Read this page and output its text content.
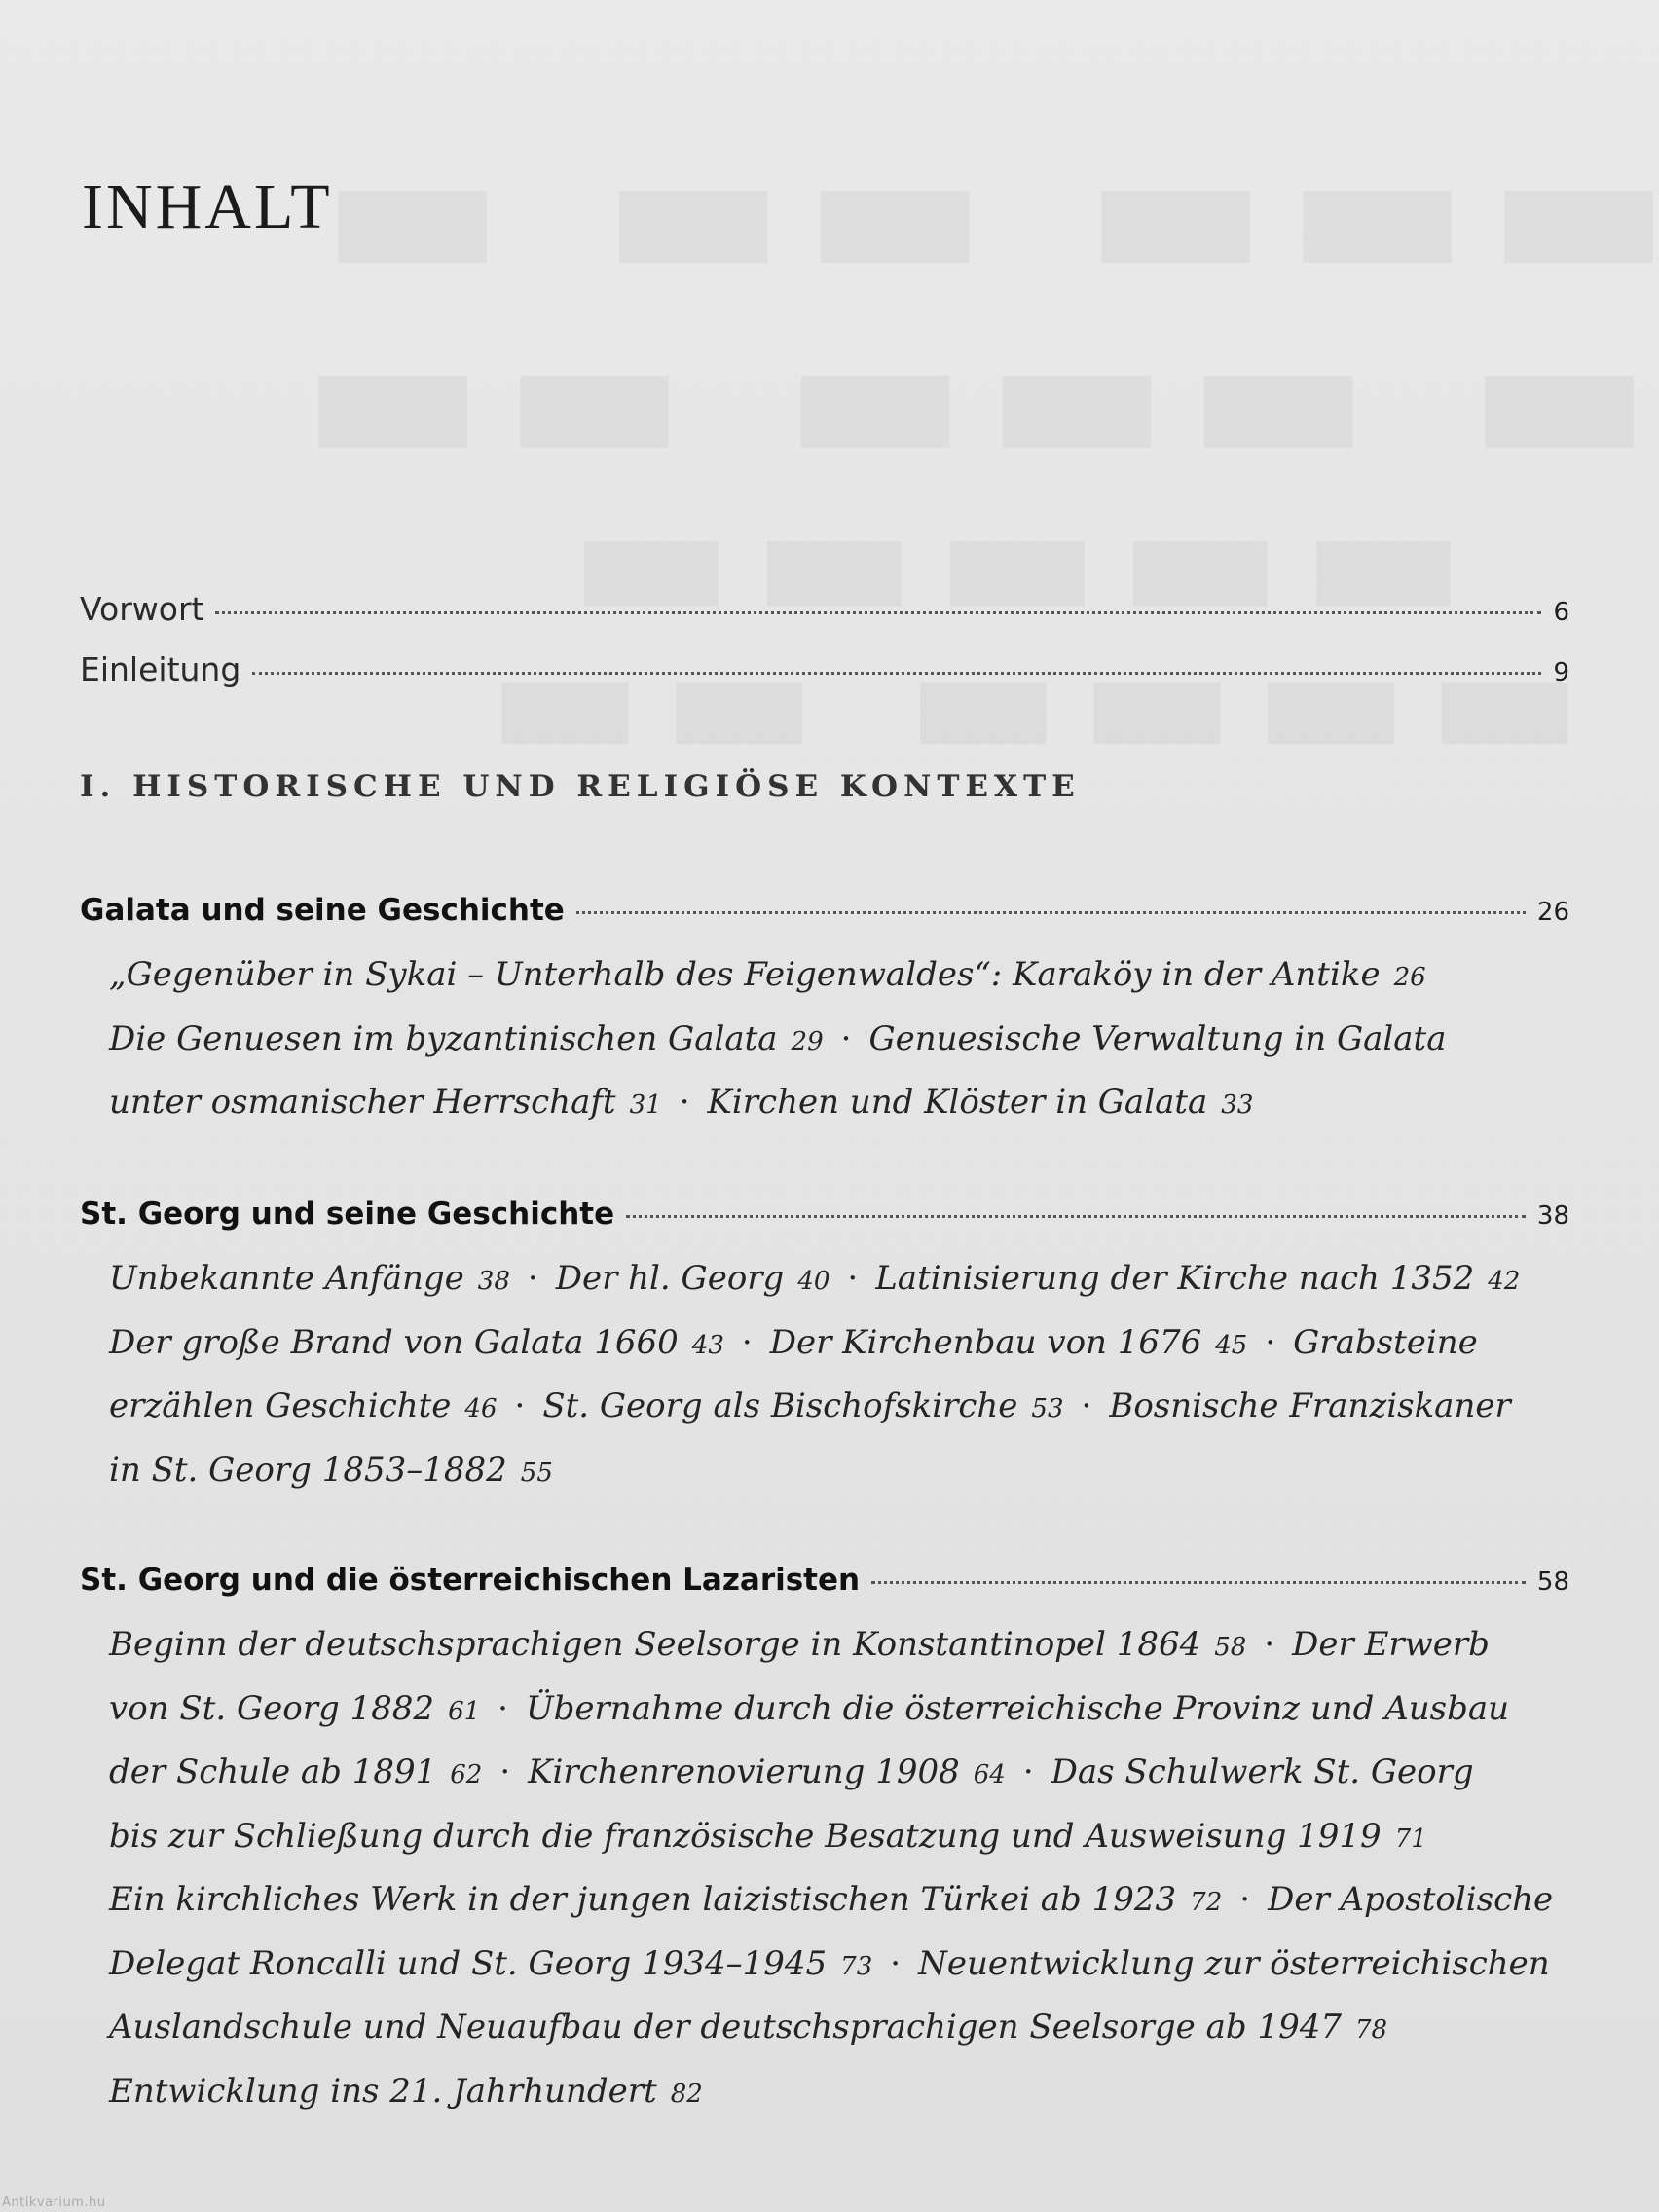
INHALT
Vorwort	6
Einleitung	9
I. HISTORISCHE UND RELIGIÖSE KONTEXTE
Galata und seine Geschichte	26
„Gegenüber in Sykai – Unterhalb des Feigenwaldes“: Karaköy in der Antike 26
Die Genuesen im byzantinischen Galata 29 · Genuesische Verwaltung in Galata
unter osmanischer Herrschaft 31 · Kirchen und Klöster in Galata 33
St. Georg und seine Geschichte	38
Unbekannte Anfänge 38 · Der hl. Georg 40 · Latinisierung der Kirche nach 1352 42
Der große Brand von Galata 1660 43 · Der Kirchenbau von 1676 45 · Grabsteine
erzählen Geschichte 46 · St. Georg als Bischofskirche 53 · Bosnische Franziskaner
in St. Georg 1853–1882 55
St. Georg und die österreichischen Lazaristen	58
Beginn der deutschsprachigen Seelsorge in Konstantinopel 1864 58 · Der Erwerb
von St. Georg 1882 61 · Übernahme durch die österreichische Provinz und Ausbau
der Schule ab 1891 62 · Kirchenrenovierung 1908 64 · Das Schulwerk St. Georg
bis zur Schließung durch die französische Besatzung und Ausweisung 1919 71
Ein kirchliches Werk in der jungen laizistischen Türkei ab 1923 72 · Der Apostolische
Delegat Roncalli und St. Georg 1934–1945 73 · Neuentwicklung zur österreichischen
Auslandschule und Neuaufbau der deutschsprachigen Seelsorge ab 1947 78
Entwicklung ins 21. Jahrhundert 82
Antikvarium.hu
